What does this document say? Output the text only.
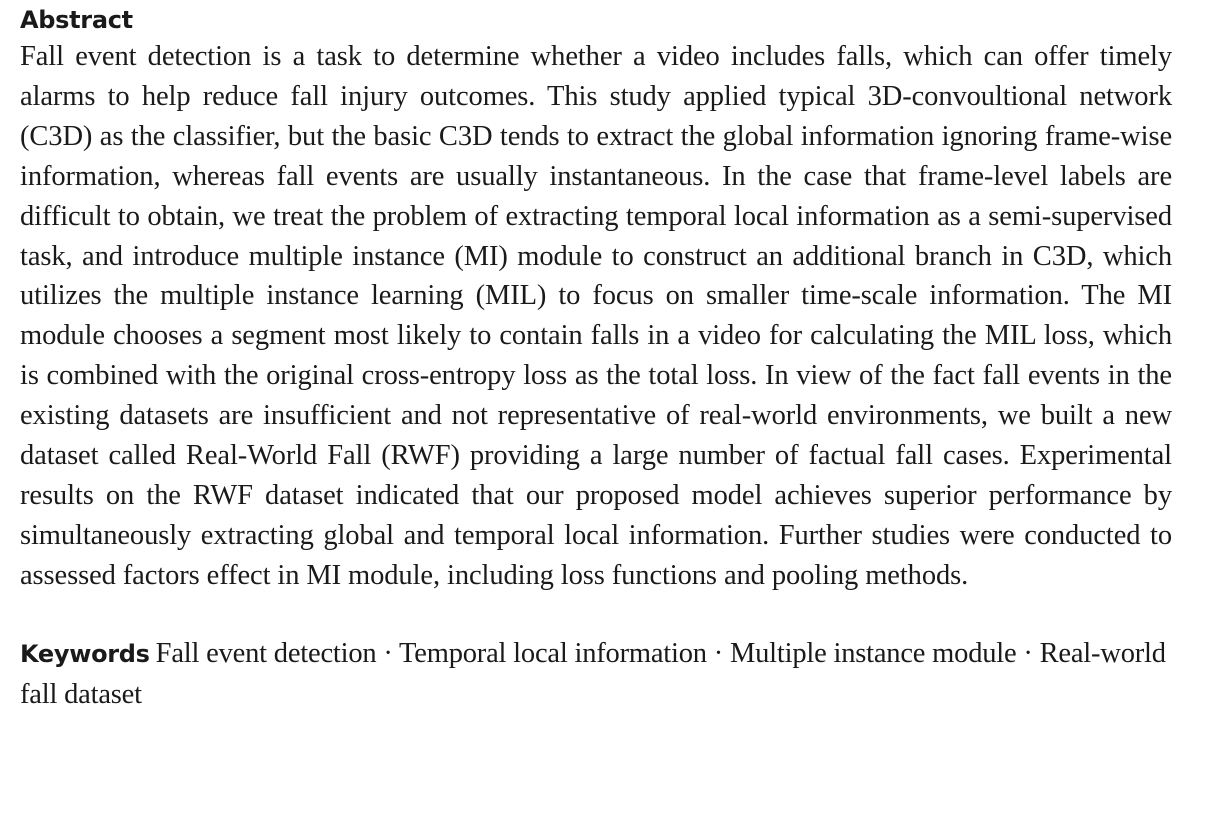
Abstract

Fall event detection is a task to determine whether a video includes falls, which can offer timely alarms to help reduce fall injury outcomes. This study applied typical 3D-convoultional network (C3D) as the classifier, but the basic C3D tends to extract the global information ignoring frame-wise information, whereas fall events are usually instantaneous. In the case that frame-level labels are difficult to obtain, we treat the problem of extracting temporal local information as a semi-supervised task, and introduce multiple instance (MI) module to construct an additional branch in C3D, which utilizes the multiple instance learning (MIL) to focus on smaller time-scale information. The MI module chooses a segment most likely to contain falls in a video for calculating the MIL loss, which is combined with the original cross-entropy loss as the total loss. In view of the fact fall events in the existing datasets are insufficient and not representative of real-world environments, we built a new dataset called Real-World Fall (RWF) providing a large number of factual fall cases. Experimental results on the RWF dataset indicated that our proposed model achieves superior performance by simultaneously extracting global and temporal local information. Further studies were conducted to assessed factors effect in MI module, including loss functions and pooling methods.

Keywords Fall event detection · Temporal local information · Multiple instance module · Real-world fall dataset
